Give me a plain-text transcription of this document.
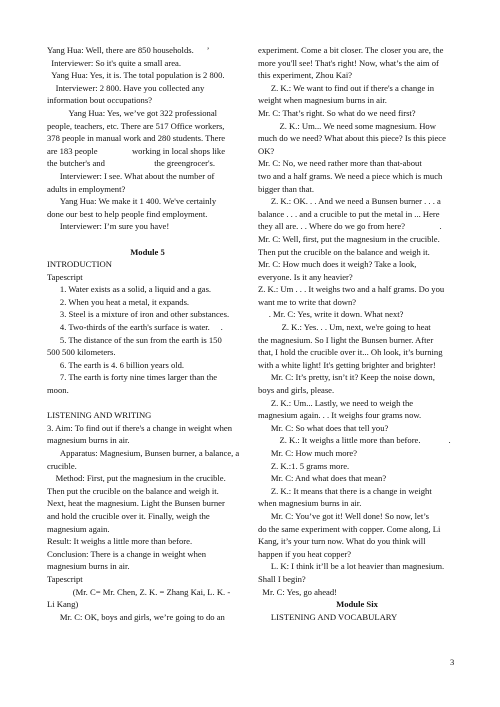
Yang Hua: Well, there are 850 households.      ’

Interviewer: So it's quite a small area.

Yang Hua: Yes, it is. The total population is 2 800.

Interviewer: 2 800. Have you collected any

information bout occupations?

Yang Hua: Yes, we’ve got 322 professional

people, teachers, etc. There are 517 Office workers,

378 people in manual work and 280 students. There

are 183 people                working in local shops like

the butcher's and                       the greengrocer's.

Interviewer: I see. What about the number of

adults in employment?

Yang Hua: We make it 1 400. We've certainly

done our best to help people find employment.

Interviewer: I’m sure you have!

Module 5

INTRODUCTION

Tapescript

1. Water exists as a solid, a liquid and a gas.

2. When you heat a metal, it expands.

3. Steel is a mixture of iron and other substances.

4. Two-thirds of the earth's surface is water.     .

5. The distance of the sun from the earth is 150

500 500 kilometers.

6. The earth is 4. 6 billion years old.

7. The earth is forty nine times larger than the

moon.

LISTENING AND WRITING

3. Aim: To find out if there's a change in weight when

magnesium burns in air.

Apparatus: Magnesium, Bunsen burner, a balance, a

crucible.

Method: First, put the magnesium in the crucible.

Then put the crucible on the balance and weigh it.

Next, heat the magnesium. Light the Bunsen burner

and hold the crucible over it. Finally, weigh the

magnesium again.

Result: It weighs a little more than before.

Conclusion: There is a change in weight when

magnesium burns in air.

Tapescript

(Mr. C= Mr. Chen, Z. K. = Zhang Kai, L. K. -

Li Kang)

Mr. C: OK, boys and girls, we’re going to do an

experiment. Come a bit closer. The closer you are, the

more you'll see! That's right! Now, what’s the aim of

this experiment, Zhou Kai?

Z. K.: We want to find out if there's a change in

weight when magnesium burns in air.

Mr. C: That’s right. So what do we need first?

Z. K.: Um... We need some magnesium. How

much do we need? What about this piece? Is this piece

OK?

Mr. C: No, we need rather more than that-about

two and a half grams. We need a piece which is much

bigger than that.

Z. K.: OK. . . And we need a Bunsen burner . . . a

balance . . . and a crucible to put the metal in ... Here

they all are. . . Where do we go from here?                .

Mr. C: Well, first, put the magnesium in the crucible.

Then put the crucible on the balance and weigh it.

Mr. C: How much does it weigh? Take a look,

everyone. Is it any heavier?

Z. K.: Um . . . It weighs two and a half grams. Do you

want me to write that down?

. Mr. C: Yes, write it down. What next?

Z. K.: Yes. . . Um, next, we're going to heat

the magnesium. So I light the Bunsen burner. After

that, I hold the crucible over it... Oh look, it’s burning

with a white light! It's getting brighter and brighter!

Mr. C: It’s pretty, isn’t it? Keep the noise down,

boys and girls, please.

Z. K.: Um... Lastly, we need to weigh the

magnesium again. . . It weighs four grams now.

Mr. C: So what does that tell you?

Z. K.: It weighs a little more than before.             .

Mr. C: How much more?

Z. K.:1. 5 grams more.

Mr. C: And what does that mean?

Z. K.: It means that there is a change in weight

when magnesium burns in air.

Mr. C: You’ve got it! Well done! So now, let’s

do the same experiment with copper. Come along, Li

Kang, it’s your turn now. What do you think will

happen if you heat copper?

L. K: I think it’ll be a lot heavier than magnesium.

Shall I begin?

Mr. C: Yes, go ahead!

Module Six

LISTENING AND VOCABULARY

3
